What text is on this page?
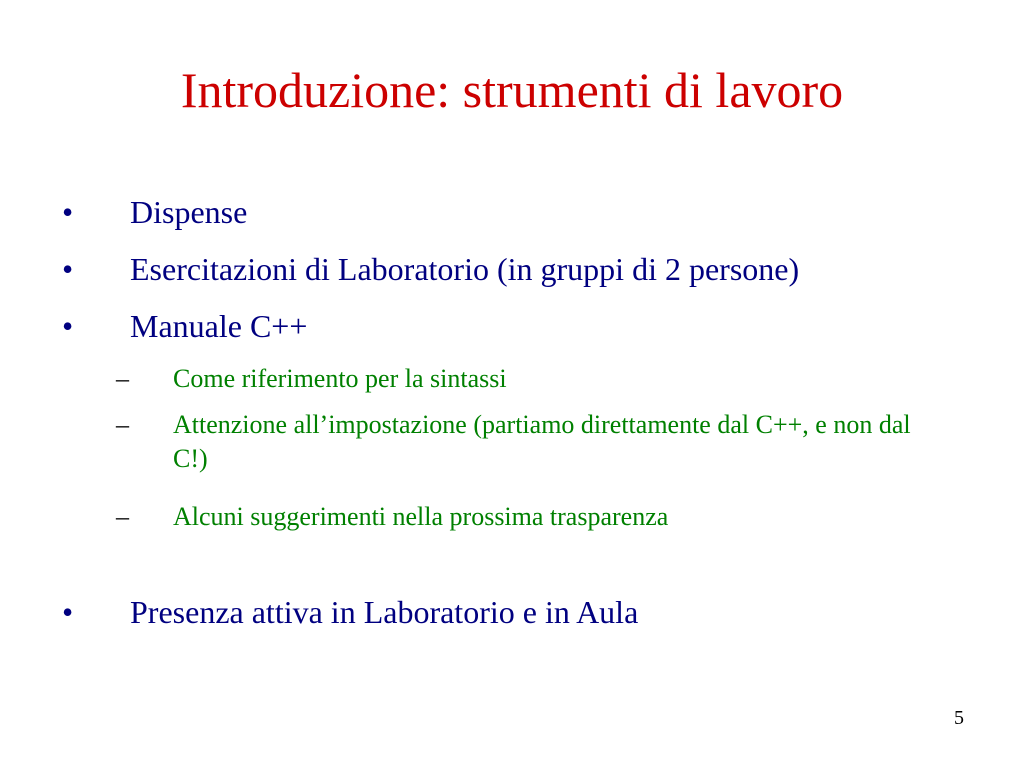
Introduzione: strumenti di lavoro
•	Dispense
•	Esercitazioni di Laboratorio (in gruppi di 2 persone)
•	Manuale C++
–	Come riferimento per la sintassi
–	Attenzione all’impostazione (partiamo direttamente dal C++, e non dal C!)
–	Alcuni suggerimenti nella prossima trasparenza
•	Presenza attiva in Laboratorio e in Aula
5
